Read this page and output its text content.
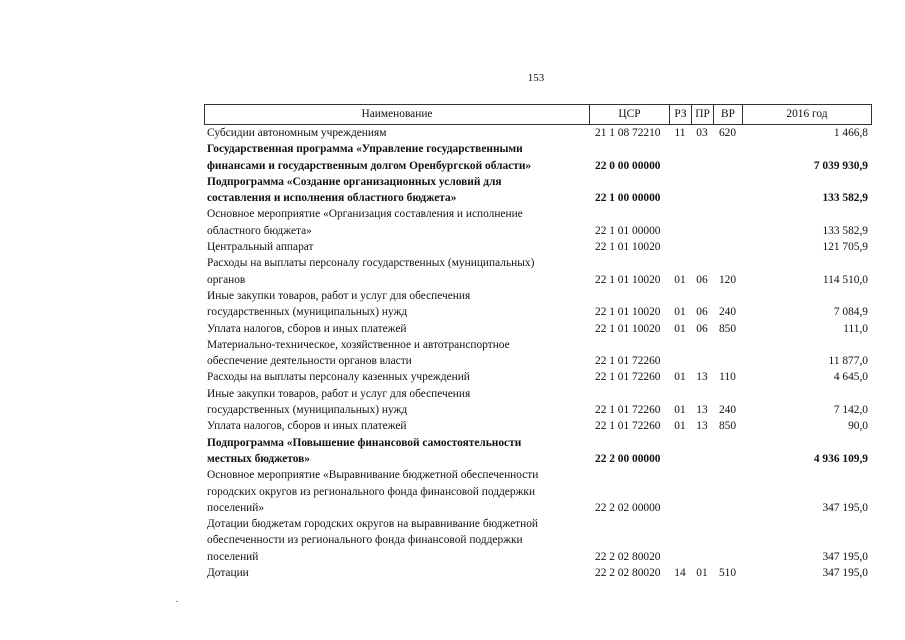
153
Наименование	ЦСР	РЗ ПР ВР	2016 год
Субсидии автономным учреждениям	21 1 08 72210	11 03 620	1 466,8
Государственная программа «Управление государственными
финансами и государственным долгом Оренбургской области»	22 0 00 00000	7 039 930,9
Подпрограмма «Создание организационных условий для
составления и исполнения областного бюджета»	22 1 00 00000	133 582,9
Основное мероприятие «Организация составления и исполнение
областного бюджета»	22 1 01 00000	133 582,9
Центральный аппарат	22 1 01 10020	121 705,9
Расходы на выплаты персоналу государственных (муниципальных)
органов	22 1 01 10020	01 06 120	114 510,0
Иные закупки товаров, работ и услуг для обеспечения
государственных (муниципальных) нужд	22 1 01 10020	01 06 240	7 084,9
Уплата налогов, сборов и иных платежей	22 1 01 10020	01 06 850	111,0
Материально-техническое, хозяйственное и автотранспортное
обеспечение деятельности органов власти	22 1 01 72260	11 877,0
Расходы на выплаты персоналу казенных учреждений	22 1 01 72260	01 13	110	4 645,0
Иные закупки товаров, работ и услуг для обеспечения
государственных (муниципальных) нужд	22 1 01 72260	01 13 240	7 142,0
Уплата налогов, сборов и иных платежей	22 1 01 72260	01 13 850	90,0
Подпрограмма «Повышение финансовой самостоятельности
местных бюджетов»	22 2 00 00000	4 936 109,9
Основное мероприятие «Выравнивание бюджетной обеспеченности
городских округов из регионального фонда финансовой поддержки
поселений»	22 2 02 00000	347 195,0
Дотации бюджетам городских округов на выравнивание бюджетной
обеспеченности из регионального фонда финансовой поддержки
поселений	22 2 02 80020	347 195,0
Дотации	22 2 02 80020	14 01 510	347 195,0
